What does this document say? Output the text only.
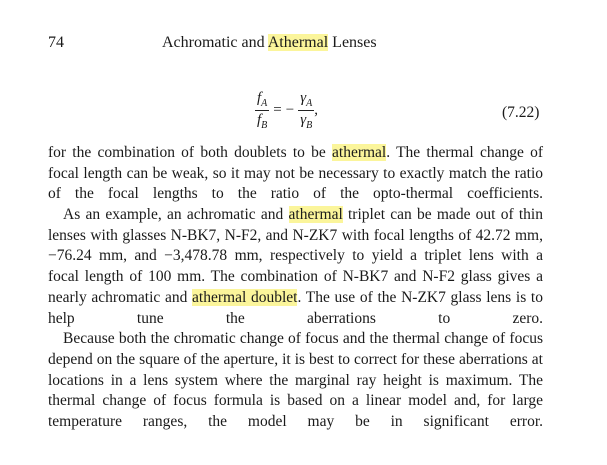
74	Achromatic and Athermal Lenses
$\frac{f_A}{f_B}$ = − $\frac{\gamma_A}{\gamma_B}$ ,	(7.22)
for the combination of both doublets to be athermal. The thermal change of
focal length can be weak, so it may not be necessary to exactly match the ratio
of the focal lengths to the ratio of the opto-thermal coefficients.
As an example, an achromatic and athermal triplet can be made out of thin
lenses with glasses N-BK7, N-F2, and N-ZK7 with focal lengths of 42.72 mm,
−76.24 mm, and −3,478.78 mm, respectively to yield a triplet lens with a
focal length of 100 mm. The combination of N-BK7 and N-F2 glass gives a
nearly achromatic and athermal doublet. The use of the N-ZK7 glass lens is to
help tune the aberrations to zero.
Because both the chromatic change of focus and the thermal change of focus
depend on the square of the aperture, it is best to correct for these aberrations at
locations in a lens system where the marginal ray height is maximum. The
thermal change of focus formula is based on a linear model and, for large
temperature ranges, the model may be in significant error.
